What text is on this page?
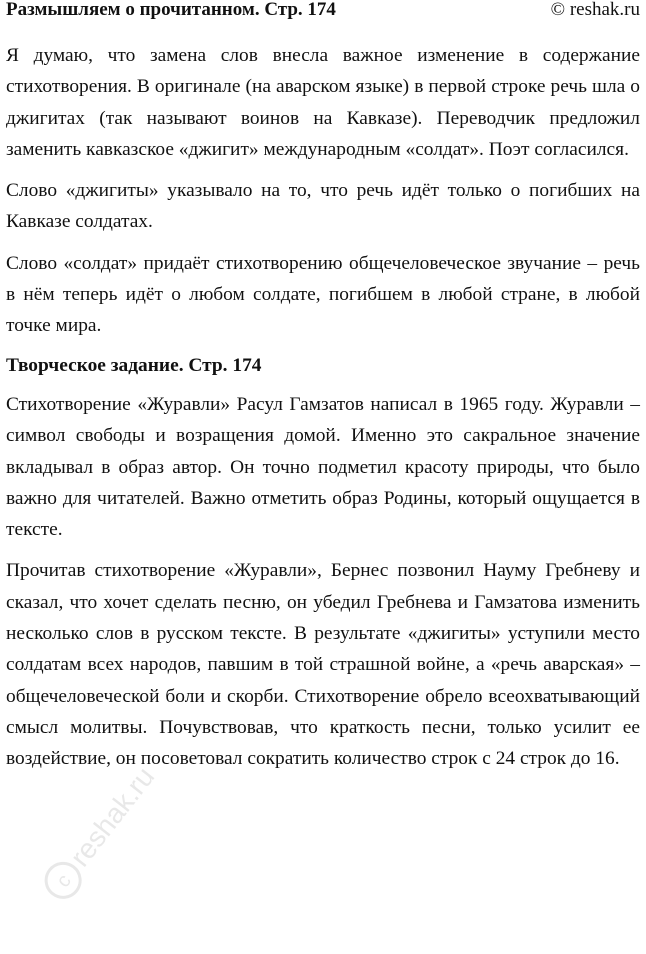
Размышляем о прочитанном. Стр. 174	© reshak.ru

Я думаю, что замена слов внесла важное изменение в содержание стихотворения. В оригинале (на аварском языке) в первой строке речь шла о джигитах (так называют воинов на Кавказе). Переводчик предложил заменить кавказское «джигит» международным «солдат». Поэт согласился.

Слово «джигиты» указывало на то, что речь идёт только о погибших на Кавказе солдатах.

Слово «солдат» придаёт стихотворению общечеловеческое звучание – речь в нём теперь идёт о любом солдате, погибшем в любой стране, в любой точке мира.

Творческое задание. Стр. 174

Стихотворение «Журавли» Расул Гамзатов написал в 1965 году. Журавли – символ свободы и возращения домой. Именно это сакральное значение вкладывал в образ автор. Он точно подметил красоту природы, что было важно для читателей. Важно отметить образ Родины, который ощущается в тексте.

Прочитав стихотворение «Журавли», Бернес позвонил Науму Гребневу и сказал, что хочет сделать песню, он убедил Гребнева и Гамзатова изменить несколько слов в русском тексте. В результате «джигиты» уступили место солдатам всех народов, павшим в той страшной войне, а «речь аварская» – общечеловеческой боли и скорби. Стихотворение обрело всеохватывающий смысл молитвы. Почувствовав, что краткость песни, только усилит ее воздействие, он посоветовал сократить количество строк с 24 строк до 16.

c
reshak.ru
